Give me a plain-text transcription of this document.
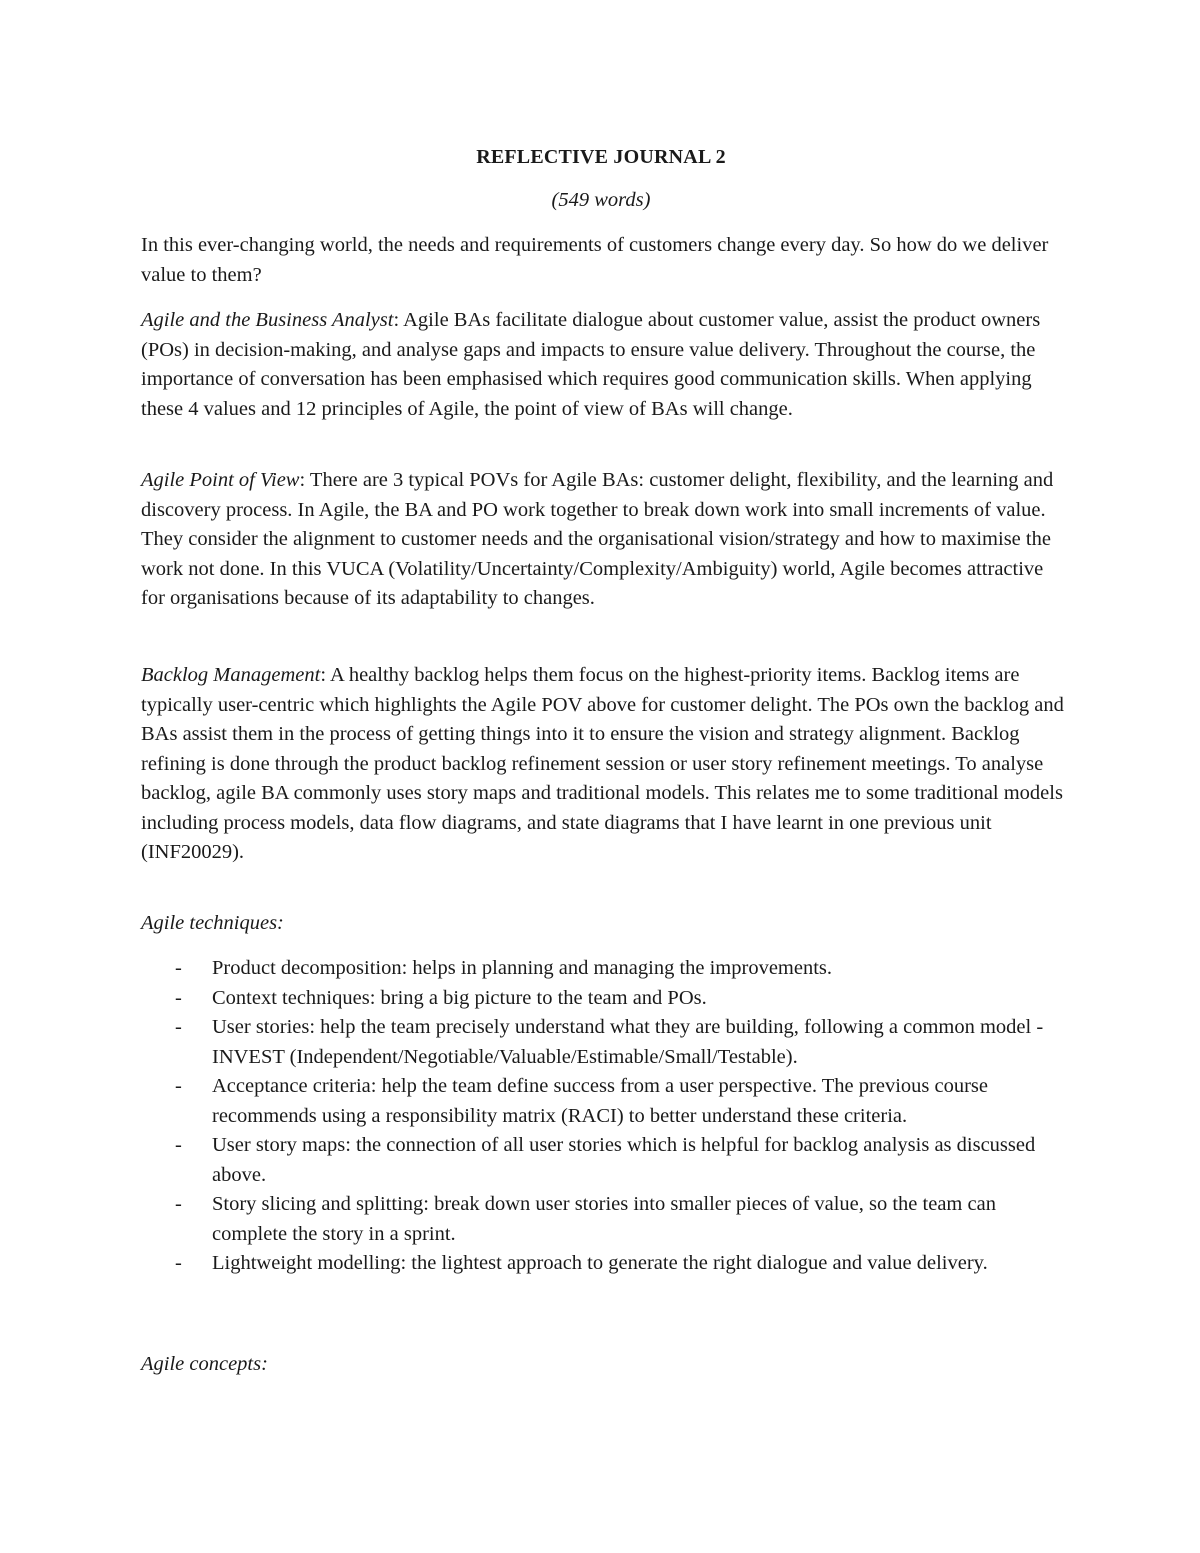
REFLECTIVE JOURNAL 2
(549 words)

In this ever-changing world, the needs and requirements of customers change every day. So how do we deliver value to them?

Agile and the Business Analyst: Agile BAs facilitate dialogue about customer value, assist the product owners (POs) in decision-making, and analyse gaps and impacts to ensure value delivery. Throughout the course, the importance of conversation has been emphasised which requires good communication skills. When applying these 4 values and 12 principles of Agile, the point of view of BAs will change.

Agile Point of View: There are 3 typical POVs for Agile BAs: customer delight, flexibility, and the learning and discovery process. In Agile, the BA and PO work together to break down work into small increments of value. They consider the alignment to customer needs and the organisational vision/strategy and how to maximise the work not done. In this VUCA (Volatility/Uncertainty/Complexity/Ambiguity) world, Agile becomes attractive for organisations because of its adaptability to changes.

Backlog Management: A healthy backlog helps them focus on the highest-priority items. Backlog items are typically user-centric which highlights the Agile POV above for customer delight. The POs own the backlog and BAs assist them in the process of getting things into it to ensure the vision and strategy alignment. Backlog refining is done through the product backlog refinement session or user story refinement meetings. To analyse backlog, agile BA commonly uses story maps and traditional models. This relates me to some traditional models including process models, data flow diagrams, and state diagrams that I have learnt in one previous unit (INF20029).

Agile techniques:

- Product decomposition: helps in planning and managing the improvements.
- Context techniques: bring a big picture to the team and POs.
- User stories: help the team precisely understand what they are building, following a common model - INVEST (Independent/Negotiable/Valuable/Estimable/Small/Testable).
- Acceptance criteria: help the team define success from a user perspective. The previous course recommends using a responsibility matrix (RACI) to better understand these criteria.
- User story maps: the connection of all user stories which is helpful for backlog analysis as discussed above.
- Story slicing and splitting: break down user stories into smaller pieces of value, so the team can complete the story in a sprint.
- Lightweight modelling: the lightest approach to generate the right dialogue and value delivery.

Agile concepts:
